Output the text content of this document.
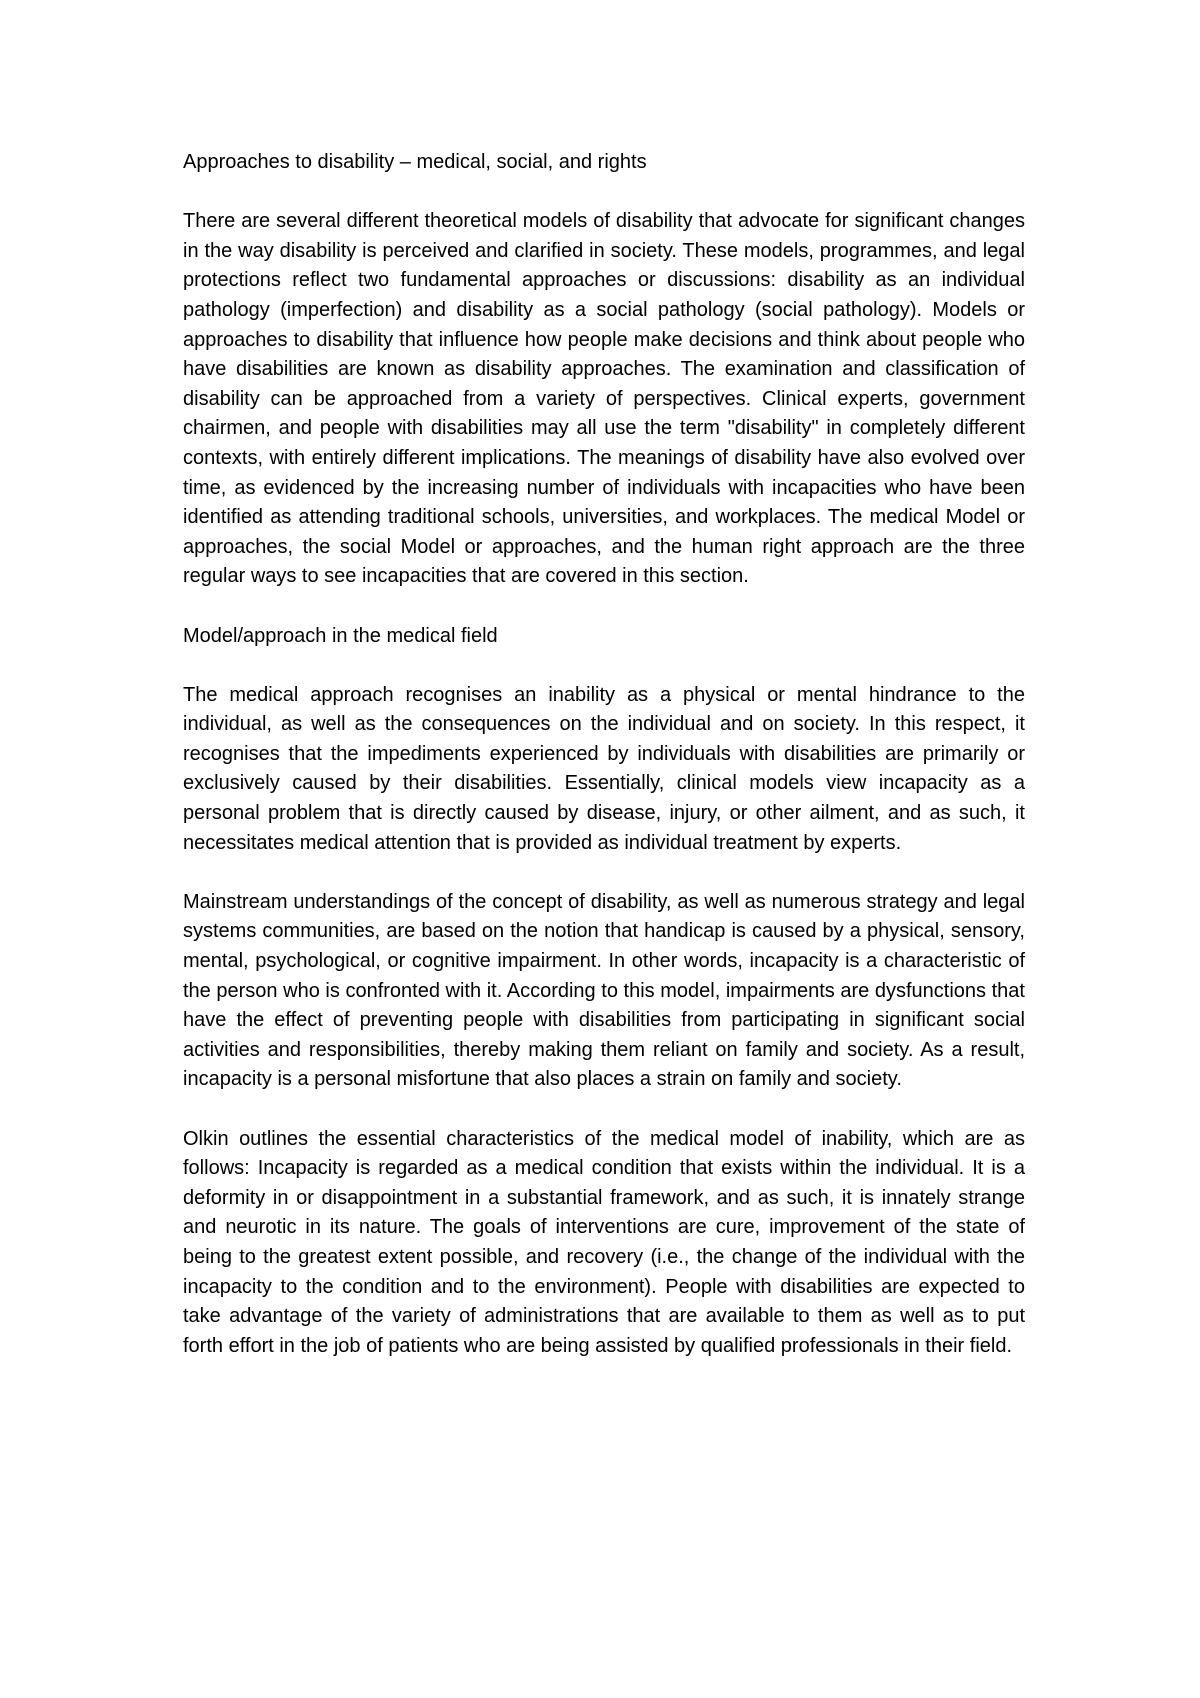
Approaches to disability – medical, social, and rights

There are several different theoretical models of disability that advocate for significant changes in the way disability is perceived and clarified in society. These models, programmes, and legal protections reflect two fundamental approaches or discussions: disability as an individual pathology (imperfection) and disability as a social pathology (social pathology). Models or approaches to disability that influence how people make decisions and think about people who have disabilities are known as disability approaches. The examination and classification of disability can be approached from a variety of perspectives. Clinical experts, government chairmen, and people with disabilities may all use the term "disability" in completely different contexts, with entirely different implications. The meanings of disability have also evolved over time, as evidenced by the increasing number of individuals with incapacities who have been identified as attending traditional schools, universities, and workplaces. The medical Model or approaches, the social Model or approaches, and the human right approach are the three regular ways to see incapacities that are covered in this section.

Model/approach in the medical field

The medical approach recognises an inability as a physical or mental hindrance to the individual, as well as the consequences on the individual and on society. In this respect, it recognises that the impediments experienced by individuals with disabilities are primarily or exclusively caused by their disabilities. Essentially, clinical models view incapacity as a personal problem that is directly caused by disease, injury, or other ailment, and as such, it necessitates medical attention that is provided as individual treatment by experts.

Mainstream understandings of the concept of disability, as well as numerous strategy and legal systems communities, are based on the notion that handicap is caused by a physical, sensory, mental, psychological, or cognitive impairment. In other words, incapacity is a characteristic of the person who is confronted with it. According to this model, impairments are dysfunctions that have the effect of preventing people with disabilities from participating in significant social activities and responsibilities, thereby making them reliant on family and society. As a result, incapacity is a personal misfortune that also places a strain on family and society.

Olkin outlines the essential characteristics of the medical model of inability, which are as follows: Incapacity is regarded as a medical condition that exists within the individual. It is a deformity in or disappointment in a substantial framework, and as such, it is innately strange and neurotic in its nature. The goals of interventions are cure, improvement of the state of being to the greatest extent possible, and recovery (i.e., the change of the individual with the incapacity to the condition and to the environment). People with disabilities are expected to take advantage of the variety of administrations that are available to them as well as to put forth effort in the job of patients who are being assisted by qualified professionals in their field.
